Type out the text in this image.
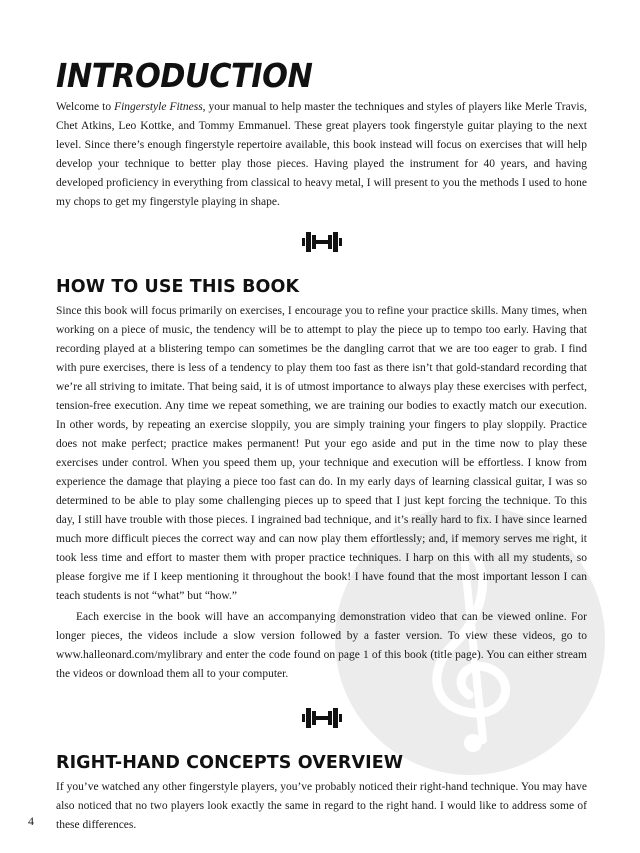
INTRODUCTION

Welcome to Fingerstyle Fitness, your manual to help master the techniques and styles of players like Merle Travis, Chet Atkins, Leo Kottke, and Tommy Emmanuel. These great players took fingerstyle guitar playing to the next level. Since there’s enough fingerstyle repertoire available, this book instead will focus on exercises that will help develop your technique to better play those pieces. Having played the instrument for 40 years, and having developed proficiency in everything from classical to heavy metal, I will present to you the methods I used to hone my chops to get my fingerstyle playing in shape.

HOW TO USE THIS BOOK

Since this book will focus primarily on exercises, I encourage you to refine your practice skills. Many times, when working on a piece of music, the tendency will be to attempt to play the piece up to tempo too early. Having that recording played at a blistering tempo can sometimes be the dangling carrot that we are too eager to grab. I find with pure exercises, there is less of a tendency to play them too fast as there isn’t that gold-standard recording that we’re all striving to imitate. That being said, it is of utmost importance to always play these exercises with perfect, tension-free execution. Any time we repeat something, we are training our bodies to exactly match our execution. In other words, by repeating an exercise sloppily, you are simply training your fingers to play sloppily. Practice does not make perfect; practice makes permanent! Put your ego aside and put in the time now to play these exercises under control. When you speed them up, your technique and execution will be effortless. I know from experience the damage that playing a piece too fast can do. In my early days of learning classical guitar, I was so determined to be able to play some challenging pieces up to speed that I just kept forcing the technique. To this day, I still have trouble with those pieces. I ingrained bad technique, and it’s really hard to fix. I have since learned much more difficult pieces the correct way and can now play them effortlessly; and, if memory serves me right, it took less time and effort to master them with proper practice techniques. I harp on this with all my students, so please forgive me if I keep mentioning it throughout the book! I have found that the most important lesson I can teach students is not “what” but “how.”

Each exercise in the book will have an accompanying demonstration video that can be viewed online. For longer pieces, the videos include a slow version followed by a faster version. To view these videos, go to www.halleonard.com/mylibrary and enter the code found on page 1 of this book (title page). You can either stream the videos or download them all to your computer.

RIGHT-HAND CONCEPTS OVERVIEW

If you’ve watched any other fingerstyle players, you’ve probably noticed their right-hand technique. You may have also noticed that no two players look exactly the same in regard to the right hand. I would like to address some of these differences.

4
